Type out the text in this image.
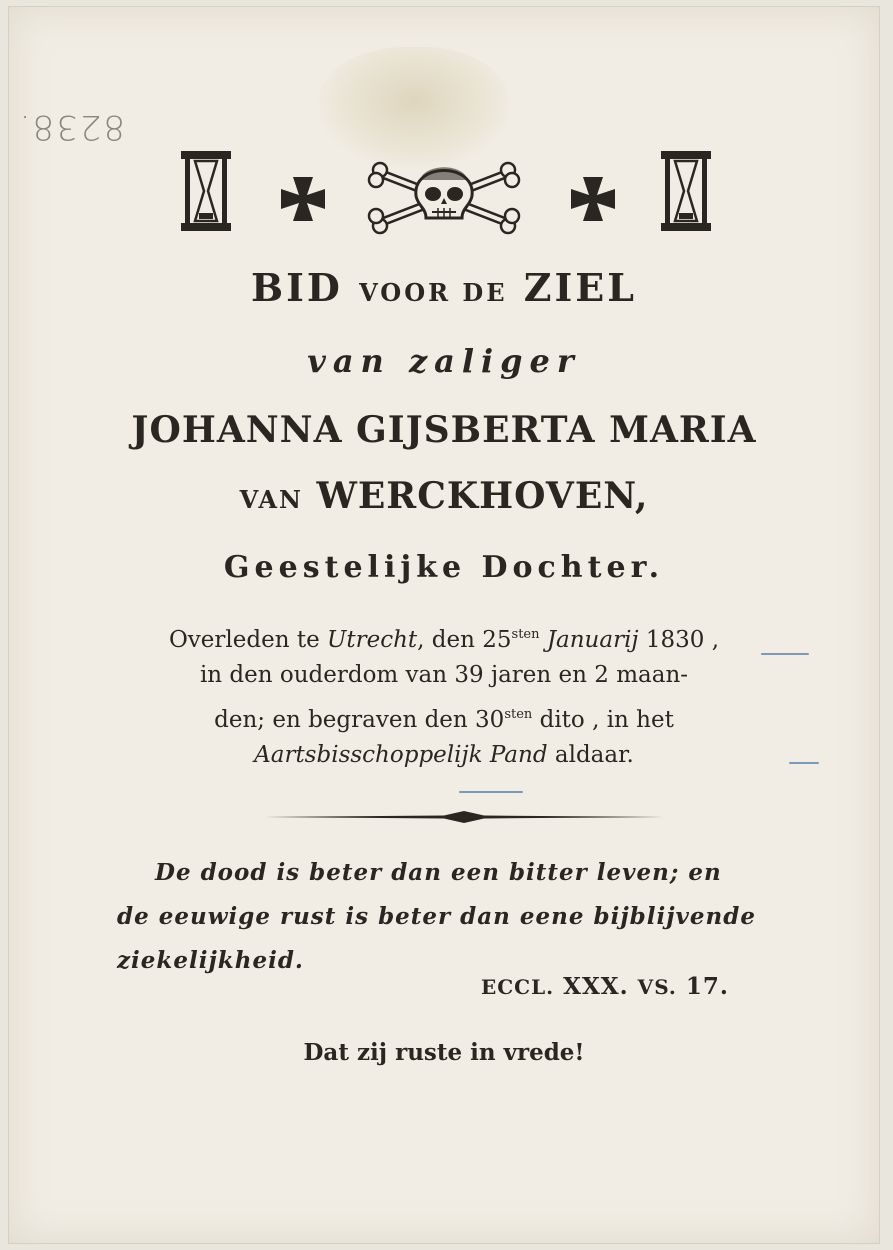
8238.
BID VOOR DE ZIEL
van zaliger
JOHANNA GIJSBERTA MARIA
VAN WERCKHOVEN,
Geestelijke Dochter.
Overleden te Utrecht, den $25^{sten}$ Januarij 1830 ,
in den ouderdom van 39 jaren en 2 maan-
den; en begraven den $30^{sten}$ dito , in het
Aartsbisschoppelijk Pand aldaar.
De dood is beter dan een bitter leven; en
de eeuwige rust is beter dan eene bijblijvende
ziekelijkheid.
ECCL. XXX. VS. 17.
Dat zij ruste in vrede!
